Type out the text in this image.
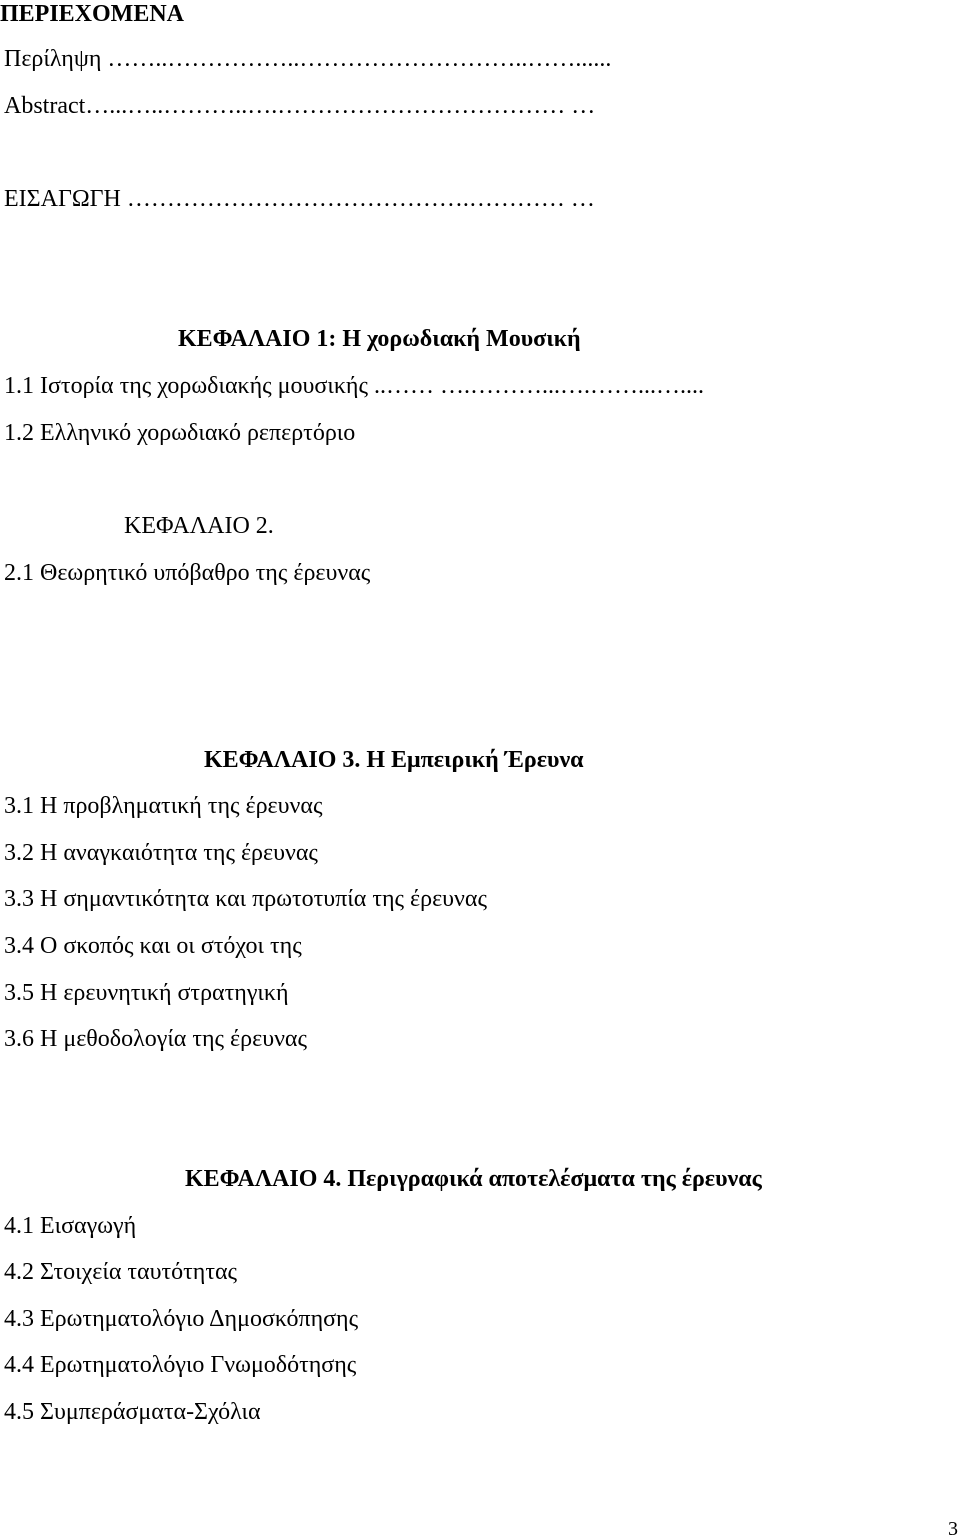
ΠΕΡΙΕΧΟΜΕΝΑ
Περίληψη ……..……………..………………………..……......
Abstract…...…..………..….……………………………… …
ΕΙΣΑΓΩΓΗ …………………………………….………… …
ΚΕΦΑΛΑΙΟ 1: Η χορωδιακή Μουσική
1.1 Ιστορία της χορωδιακής μουσικής ..…… ….………...….……...…....
1.2 Ελληνικό χορωδιακό ρεπερτόριο
ΚΕΦΑΛΑΙΟ 2.
2.1 Θεωρητικό υπόβαθρο της έρευνας
ΚΕΦΑΛΑΙΟ 3. Η Εμπειρική Έρευνα
3.1 Η προβληματική της έρευνας
3.2 Η αναγκαιότητα της έρευνας
3.3 Η σημαντικότητα και πρωτοτυπία της έρευνας
3.4 Ο σκοπός και οι στόχοι της
3.5 Η ερευνητική στρατηγική
3.6 Η μεθοδολογία της έρευνας
ΚΕΦΑΛΑΙΟ 4. Περιγραφικά αποτελέσματα της έρευνας
4.1 Εισαγωγή
4.2 Στοιχεία ταυτότητας
4.3 Ερωτηματολόγιο Δημοσκόπησης
4.4 Ερωτηματολόγιο Γνωμοδότησης
4.5 Συμπεράσματα-Σχόλια
3
